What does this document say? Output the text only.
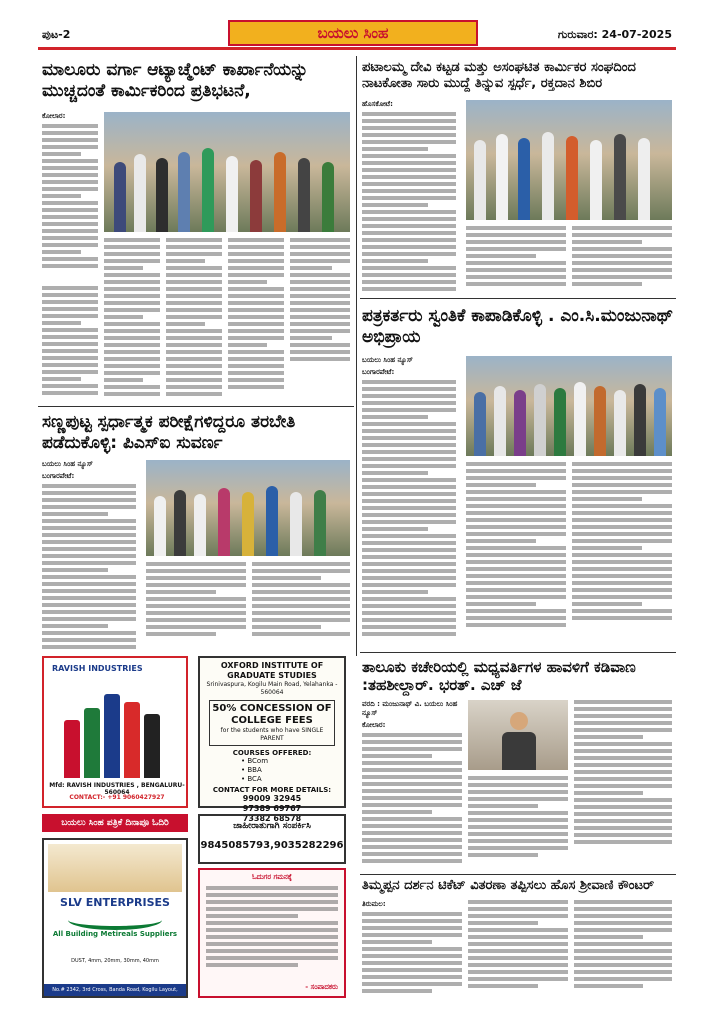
ಪುಟ-2	ಬಯಲು ಸಿಂಹ	ಗುರುವಾರ: 24-07-2025
ಮಾಲೂರು ವರ್ಗಾ ಆಟ್ಯಾಚ್ಮೆಂಟ್ ಕಾರ್ಖಾನೆಯನ್ನು ಮುಚ್ಚದಂತೆ ಕಾರ್ಮಿಕರಿಂದ ಪ್ರತಿಭಟನೆ,
ಕೋಲಾರ:
ಪಟಾಲಮ್ಮ ದೇವಿ ಕಟ್ಟಡ ಮತ್ತು ಅಸಂಘಟಿತ ಕಾರ್ಮಿಕರ ಸಂಘದಿಂದ ನಾಟಕೋತಾ ಸಾರು ಮುದ್ದೆ ತಿನ್ನುವ ಸ್ಪರ್ಧೆ, ರಕ್ತದಾನ ಶಿಬಿರ
ಹೊಸಕೋಟೆ:
ಪತ್ರಕರ್ತರು ಸ್ವಂತಿಕೆ ಕಾಪಾಡಿಕೊಳ್ಳಿ . ಎಂ.ಸಿ.ಮಂಜುನಾಥ್ ಅಭಿಪ್ರಾಯ
ಬಯಲು ಸಿಂಹ ನ್ಯೂಸ್
ಬಂಗಾರಪೇಟೆ:
ಸಣ್ಣಪುಟ್ಟ ಸ್ಪರ್ಧಾತ್ಮಕ ಪರೀಕ್ಷೆಗಳಿದ್ದರೂ ತರಬೇತಿ ಪಡೆದುಕೊಳ್ಳಿ: ಪಿಎಸ್ಐ ಸುವರ್ಣ
ಬಯಲು ಸಿಂಹ ನ್ಯೂಸ್
ಬಂಗಾರಪೇಟೆ:
RAVISH INDUSTRIES
Mfd: RAVISH INDUSTRIES , BENGALURU-560064
CONTACT:- +91 9060427927
OXFORD INSTITUTE OF GRADUATE STUDIES
Srinivaspura, Kogilu Main Road, Yelahanka - 560064
50% CONCESSION OF COLLEGE FEES
for the students who have SINGLE PARENT
COURSES OFFERED:
• BCom
• BBA
• BCA
CONTACT FOR MORE DETAILS:
99009 32945
97389 69767
73382 68578
ಬಯಲು ಸಿಂಹ ಪತ್ರಿಕೆ ದಿನಾಪೂ ಓದಿರಿ	ಜಾಹೀರಾತುಗಾಗಿ ಸಂಪರ್ಕಿಸಿ
9845085793,9035282296
SLV ENTERPRISES
All Building Metireals Suppliers
DUST, 4mm, 20mm, 30mm, 40mm
No.# 2342, 3rd Cross, Banda Road, Kogilu Layout, Yelahanka post, Bangalore-64
ಓದುಗರ ಗಮನಕ್ಕೆ
- ಸಂಪಾದಕರು
ತಾಲೂಕು ಕಚೇರಿಯಲ್ಲಿ ಮಧ್ಯವರ್ತಿಗಳ ಹಾವಳಿಗೆ ಕಡಿವಾಣ :ತಹಶೀಲ್ದಾರ್. ಭರತ್. ಎಚ್ ಜೆ
ವರದಿ : ಮಂಜುನಾಥ್ ವಿ. ಬಯಲು ಸಿಂಹ ನ್ಯೂಸ್
ಕೋಲಾರ:
ತಿಮ್ಮಪ್ಪನ ದರ್ಶನ ಟಿಕೆಟ್ ವಿತರಣಾ ತಪ್ಪಿಸಲು ಹೊಸ ಶ್ರೀವಾಣಿ ಕೌಂಟರ್
ತಿರುಮಲ:
